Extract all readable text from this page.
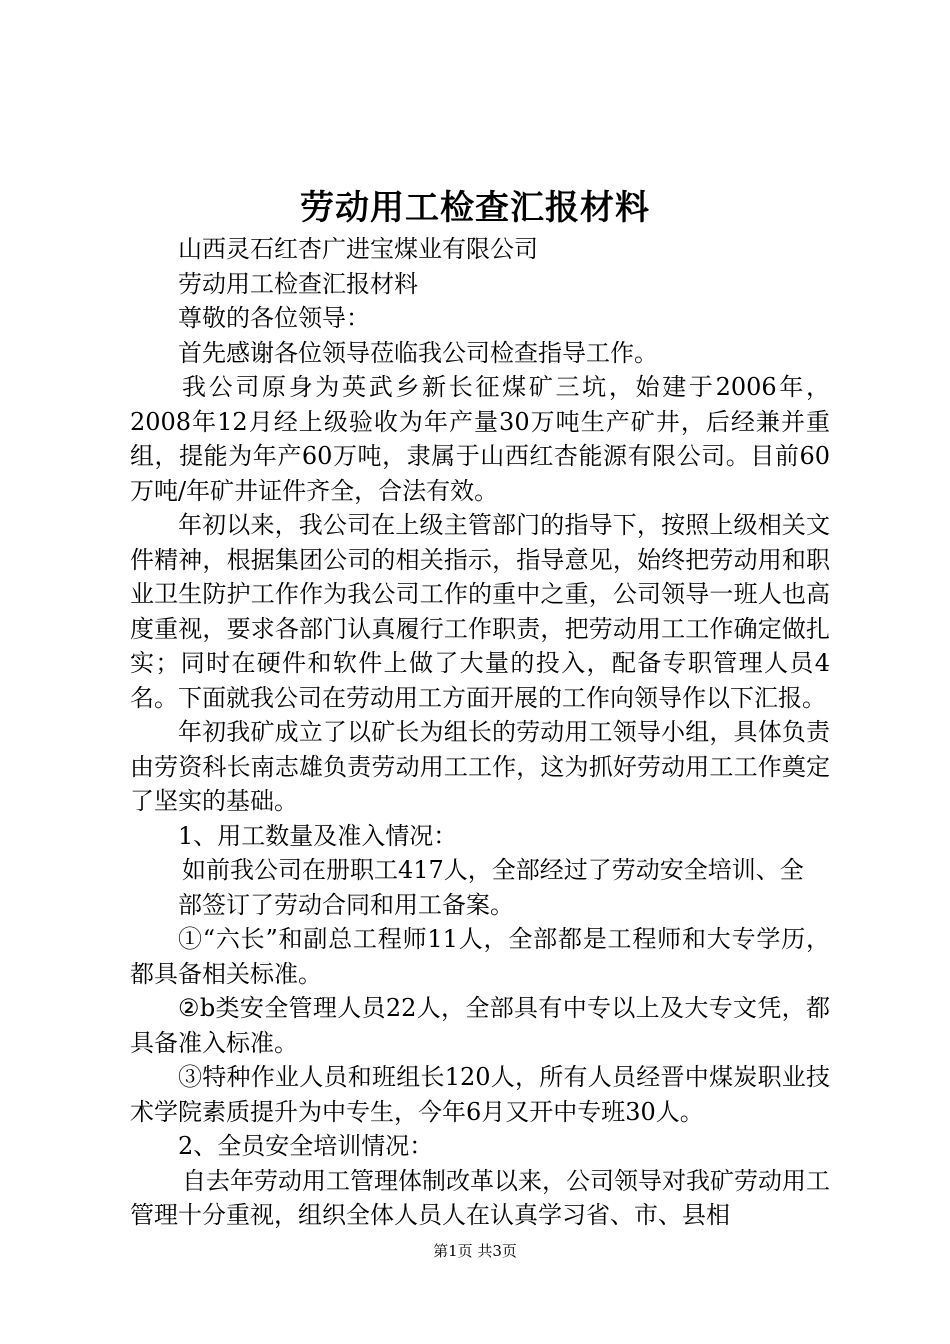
劳动用工检查汇报材料

山西灵石红杏广进宝煤业有限公司

劳动用工检查汇报材料

尊敬的各位领导：

首先感谢各位领导莅临我公司检查指导工作。

我公司原身为英武乡新长征煤矿三坑，始建于2006年，2008年12月经上级验收为年产量30万吨生产矿井，后经兼并重组，提能为年产60万吨，隶属于山西红杏能源有限公司。目前60万吨/年矿井证件齐全，合法有效。

年初以来，我公司在上级主管部门的指导下，按照上级相关文件精神，根据集团公司的相关指示，指导意见，始终把劳动用和职业卫生防护工作作为我公司工作的重中之重，公司领导一班人也高度重视，要求各部门认真履行工作职责，把劳动用工工作确定做扎实；同时在硬件和软件上做了大量的投入，配备专职管理人员4名。下面就我公司在劳动用工方面开展的工作向领导作以下汇报。

年初我矿成立了以矿长为组长的劳动用工领导小组，具体负责由劳资科长南志雄负责劳动用工工作，这为抓好劳动用工工作奠定了坚实的基础。

1、用工数量及准入情况：

如前我公司在册职工417人，全部经过了劳动安全培训、全

部签订了劳动合同和用工备案。

①“六长”和副总工程师11人，全部都是工程师和大专学历，都具备相关标准。

②b类安全管理人员22人，全部具有中专以上及大专文凭，都具备准入标准。

③特种作业人员和班组长120人，所有人员经晋中煤炭职业技术学院素质提升为中专生，今年6月又开中专班30人。

2、全员安全培训情况：

自去年劳动用工管理体制改革以来，公司领导对我矿劳动用工管理十分重视，组织全体人员人在认真学习省、市、县相

第1页 共3页
